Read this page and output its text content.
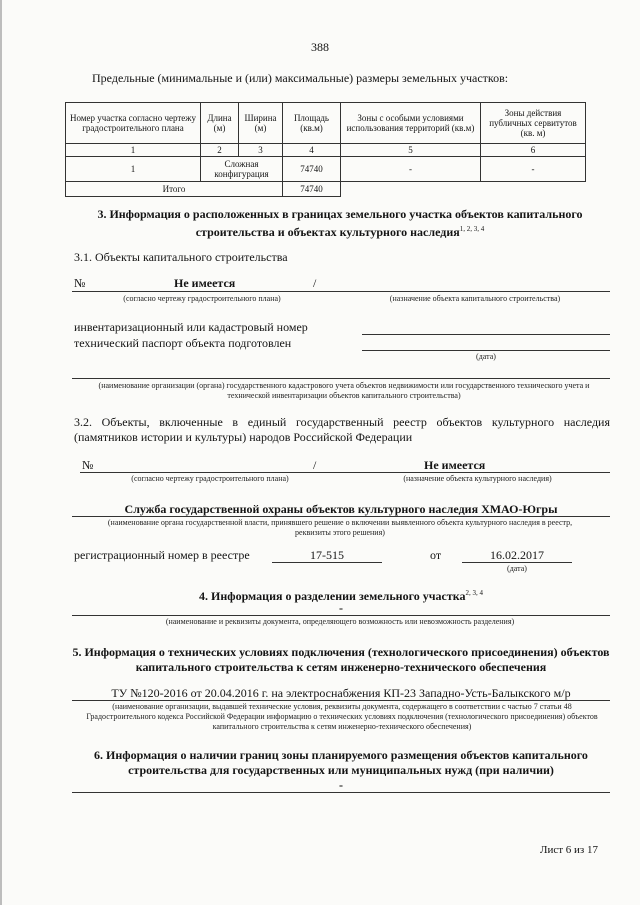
388
Предельные (минимальные и (или) максимальные) размеры земельных участков:
Номер участка согласно чертежу градостроительного плана	Длина (м)	Ширина (м)	Площадь (кв.м)	Зоны с особыми условиями использования территорий (кв.м)	Зоны действия публичных сервитутов (кв. м)
1	2	3	4	5	6
1	Сложная конфигурация		74740	-	-
Итого			74740		
3. Информация о расположенных в границах земельного участка объектов капитального строительства и объектах культурного наследия$^{1, 2, 3, 4}$
3.1. Объекты капитального строительства
№	Не имеется	/
(согласно чертежу градостроительного плана)	(назначение объекта капитального строительства)
инвентаризационный или кадастровый номер
технический паспорт объекта подготовлен
(дата)
(наименование организации (органа) государственного кадастрового учета объектов недвижимости или государственного технического учета и технической инвентаризации объектов капитального строительства)
3.2. Объекты, включенные в единый государственный реестр объектов культурного наследия (памятников истории и культуры) народов Российской Федерации
№	/	Не имеется
(согласно чертежу градостроительного плана)	(назначение объекта культурного наследия)
Служба государственной охраны объектов культурного наследия ХМАО-Югры
(наименование органа государственной власти, принявшего решение о включении выявленного объекта культурного наследия в реестр, реквизиты этого решения)
регистрационный номер в реестре	17-515	от	16.02.2017
(дата)
4. Информация о разделении земельного участка$^{2, 3, 4}$
-
(наименование и реквизиты документа, определяющего возможность или невозможность разделения)
5. Информация о технических условиях подключения (технологического присоединения) объектов капитального строительства к сетям инженерно-технического обеспечения
ТУ №120-2016 от 20.04.2016 г. на электроснабжения КП-23 Западно-Усть-Балыкского м/р
(наименование организации, выдавшей технические условия, реквизиты документа, содержащего в соответствии с частью 7 статьи 48 Градостроительного кодекса Российской Федерации информацию о технических условиях подключения (технологического присоединения) объектов капитального строительства к сетям инженерно-технического обеспечения)
6. Информация о наличии границ зоны планируемого размещения объектов капитального строительства для государственных или муниципальных нужд (при наличии)
-
Лист 6 из 17
